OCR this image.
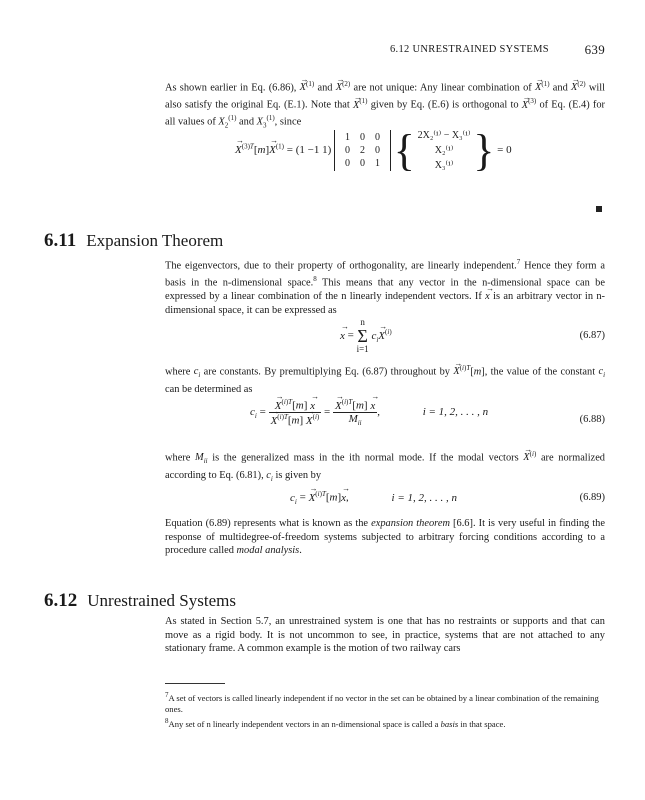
6.12 UNRESTRAINED SYSTEMS	639

As shown earlier in Eq. (6.86), → $X^{(1)}$ and → $X^{(2)}$ are not unique: Any linear combination of → $X^{(1)}$ and → $X^{(2)}$ will also satisfy the original Eq. (E.1). Note that → $X^{(1)}$ given by Eq. (E.6) is orthogonal to → $X^{(3)}$ of Eq. (E.4) for all values of $X_2^{(1)}$ and $X_3^{(1)}$, since

→ $X^{(3)T}[m]\to X^{(1)} = (1 -1$ 1) 1	0	0
0	2	0
0	0	1 { 2X₂⁽¹⁾ − X₃⁽¹⁾
X₂⁽¹⁾
X₃⁽¹⁾ } = 0
6.11 Expansion Theorem

The eigenvectors, due to their property of orthogonality, are linearly independent.$^7$ Hence they form a basis in the n-dimensional space.$^8$ This means that any vector in the n-dimensional space can be expressed by a linear combination of the n linearly independent vectors. If → x is an arbitrary vector in n-dimensional space, it can be expressed as

→ x =
n
Σ
i=1
$c_i\to X^{(i)}$	(6.87)

where $c_i$ are constants. By premultiplying Eq. (6.87) throughout by → $X^{(i)T}[m]$, the value of the constant $c_i$ can be determined as

$c_i$ = → $X^{(i)T}[m] \to x$
→ $X^{(i)T}[m] \to X^{(i)}$ = → $\frac{X^{(i)T}[m] \to x}{M_{ii}}$ ,	i = 1, 2, . . . , n
(6.88)

where $M_{ii}$ is the generalized mass in the ith normal mode. If the modal vectors → $X^{(i)}$ are normalized according to Eq. (6.81), $c_i$ is given by

$c_i$ = → $X^{(i)T}[m]\to x$,	i = 1, 2, . . . , n	(6.89)

Equation (6.89) represents what is known as the expansion theorem [6.6]. It is very useful in finding the response of multidegree-of-freedom systems subjected to arbitrary forcing conditions according to a procedure called modal analysis.

6.12 Unrestrained Systems

As stated in Section 5.7, an unrestrained system is one that has no restraints or supports and that can move as a rigid body. It is not uncommon to see, in practice, systems that are not attached to any stationary frame. A common example is the motion of two railway cars

$^7$A set of vectors is called linearly independent if no vector in the set can be obtained by a linear combination of the remaining ones.
$^8$Any set of n linearly independent vectors in an n-dimensional space is called a basis in that space.
